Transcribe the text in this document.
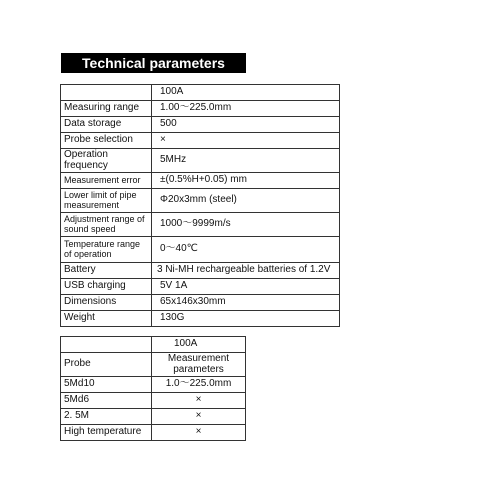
Technical parameters
	100A
Measuring range	1.00～225.0mm
Data storage	500
Probe selection	×
Operation frequency	5MHz
Measurement error	±(0.5%H+0.05) mm
Lower limit of pipe measurement	Φ20x3mm (steel)
Adjustment range of sound speed	1000～9999m/s
Temperature range of operation	0～40℃
Battery	3 Ni-MH rechargeable batteries of 1.2V
USB charging	5V 1A
Dimensions	65x146x30mm
Weight	130G
	100A
Probe	Measurement parameters
5Md10	1.0～225.0mm
5Md6	×
2. 5M	×
High temperature	×
